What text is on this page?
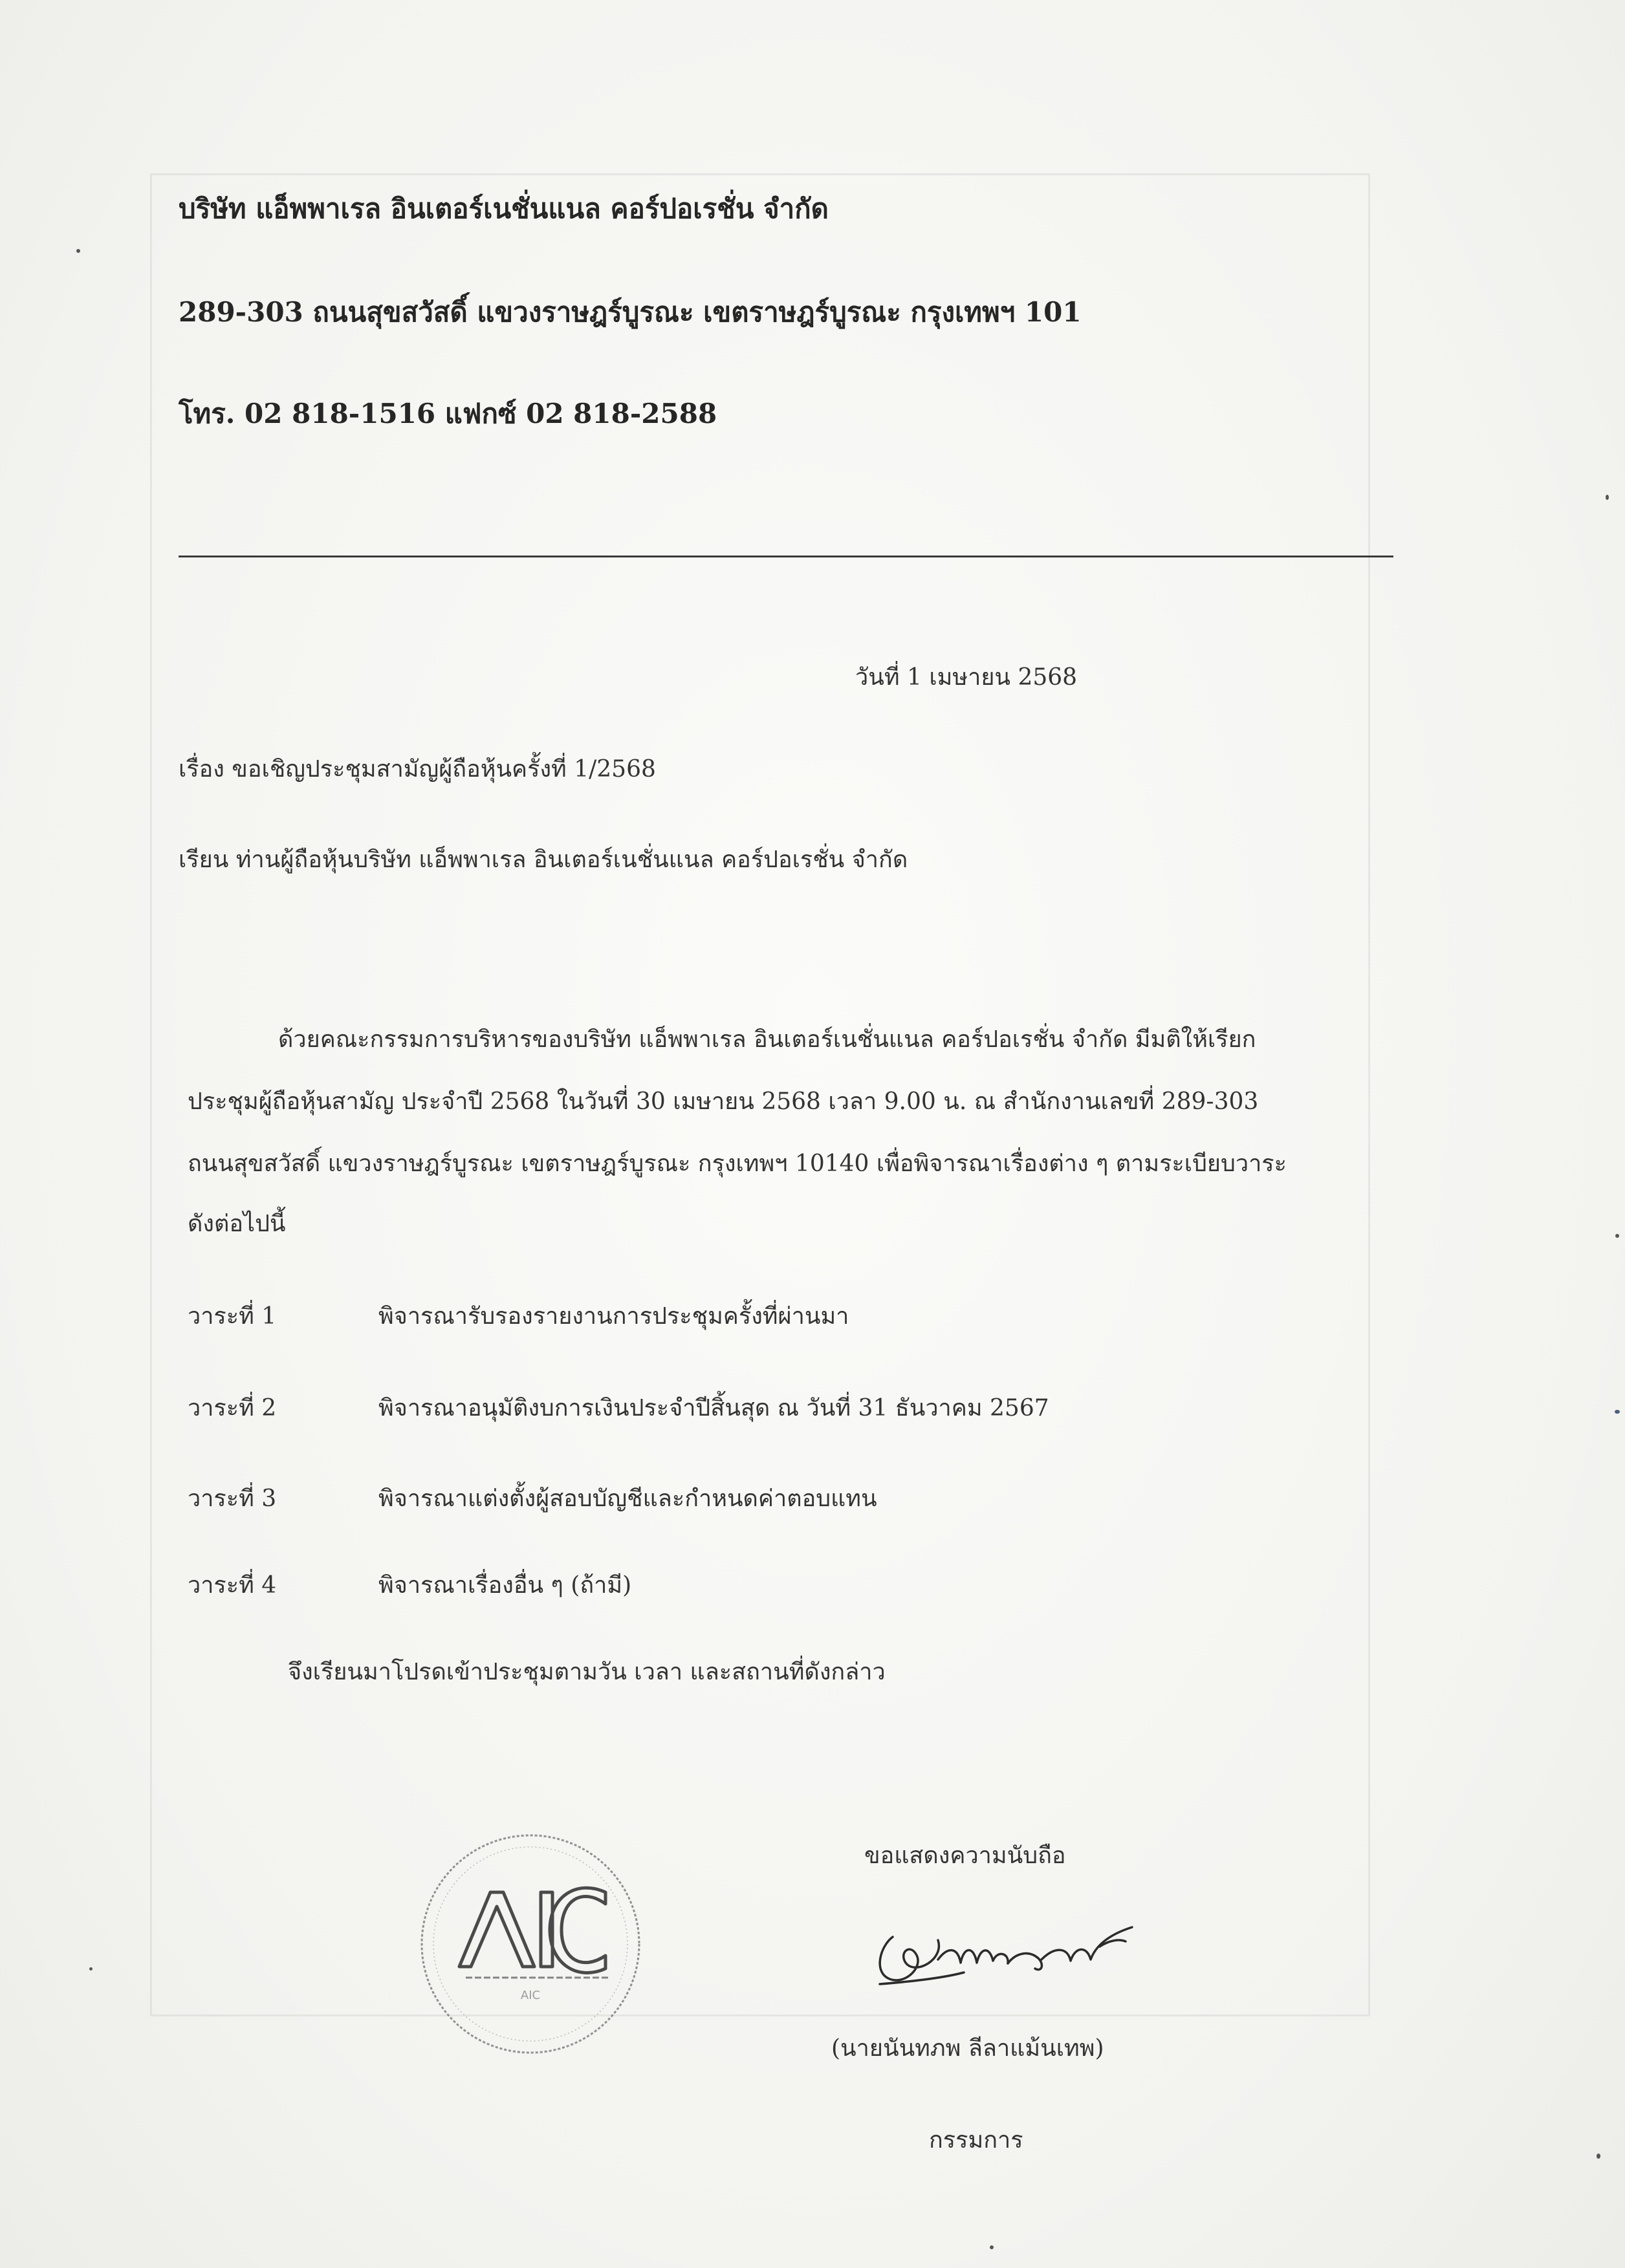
บริษัท แอ็พพาเรล อินเตอร์เนชั่นแนล คอร์ปอเรชั่น จำกัด
289-303 ถนนสุขสวัสดิ์ แขวงราษฎร์บูรณะ เขตราษฎร์บูรณะ กรุงเทพฯ 101
โทร. 02 818-1516 แฟกซ์ 02 818-2588
วันที่ 1 เมษายน 2568
เรื่อง ขอเชิญประชุมสามัญผู้ถือหุ้นครั้งที่ 1/2568
เรียน ท่านผู้ถือหุ้นบริษัท แอ็พพาเรล อินเตอร์เนชั่นแนล คอร์ปอเรชั่น จำกัด
ด้วยคณะกรรมการบริหารของบริษัท แอ็พพาเรล อินเตอร์เนชั่นแนล คอร์ปอเรชั่น จำกัด มีมติให้เรียก
ประชุมผู้ถือหุ้นสามัญ ประจำปี 2568 ในวันที่ 30 เมษายน 2568 เวลา 9.00 น. ณ สำนักงานเลขที่ 289-303
ถนนสุขสวัสดิ์ แขวงราษฎร์บูรณะ เขตราษฎร์บูรณะ กรุงเทพฯ 10140 เพื่อพิจารณาเรื่องต่าง ๆ ตามระเบียบวาระ
ดังต่อไปนี้
วาระที่ 1	พิจารณารับรองรายงานการประชุมครั้งที่ผ่านมา
วาระที่ 2	พิจารณาอนุมัติงบการเงินประจำปีสิ้นสุด ณ วันที่ 31 ธันวาคม 2567
วาระที่ 3	พิจารณาแต่งตั้งผู้สอบบัญชีและกำหนดค่าตอบแทน
วาระที่ 4	พิจารณาเรื่องอื่น ๆ (ถ้ามี)
จึงเรียนมาโปรดเข้าประชุมตามวัน เวลา และสถานที่ดังกล่าว
ขอแสดงความนับถือ
AIC
(นายนันทภพ ลีลาแม้นเทพ)
กรรมการ
